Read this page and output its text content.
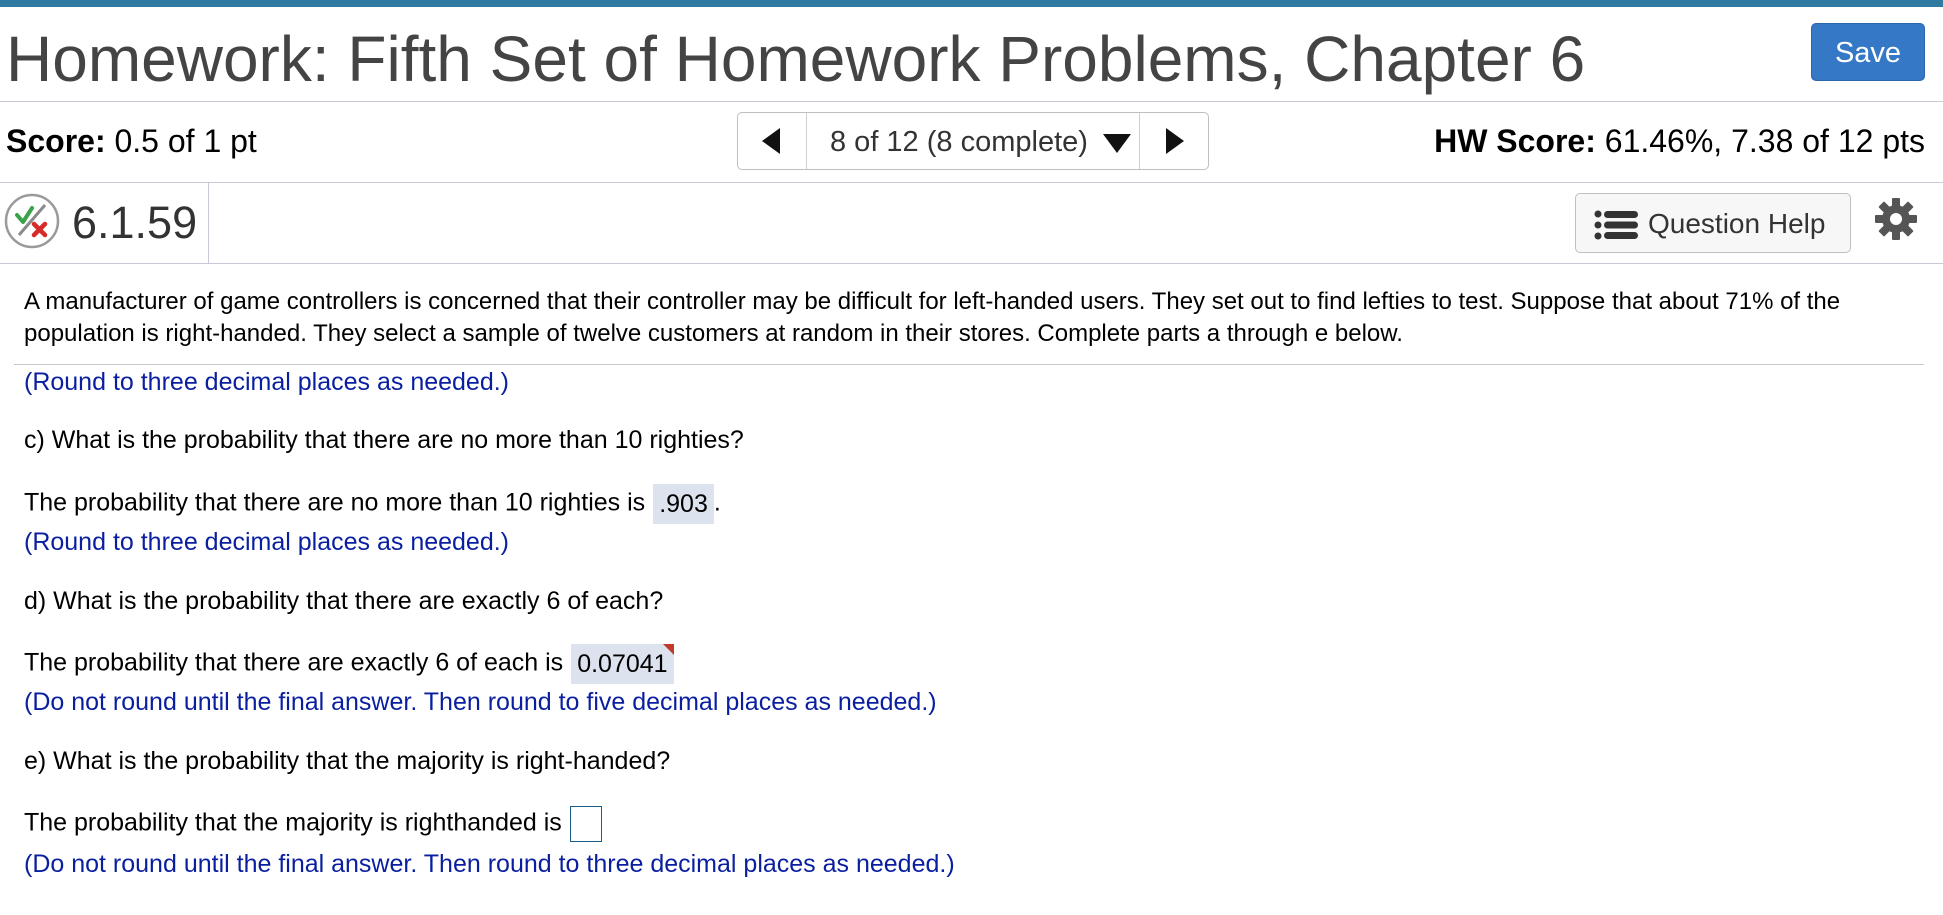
Homework: Fifth Set of Homework Problems, Chapter 6	Save
Score: 0.5 of 1 pt	8 of 12 (8 complete)	HW Score: 61.46%, 7.38 of 12 pts
6.1.59	Question Help
A manufacturer of game controllers is concerned that their controller may be difficult for left-handed users. They set out to find lefties to test. Suppose that about 71% of the population is right-handed. They select a sample of twelve customers at random in their stores. Complete parts a through e below.
(Round to three decimal places as needed.)
c) What is the probability that there are no more than 10 righties?
The probability that there are no more than 10 righties is .903 .
(Round to three decimal places as needed.)
d) What is the probability that there are exactly 6 of each?
The probability that there are exactly 6 of each is 0.07041
(Do not round until the final answer. Then round to five decimal places as needed.)
e) What is the probability that the majority is right-handed?
The probability that the majority is righthanded is
(Do not round until the final answer. Then round to three decimal places as needed.)
